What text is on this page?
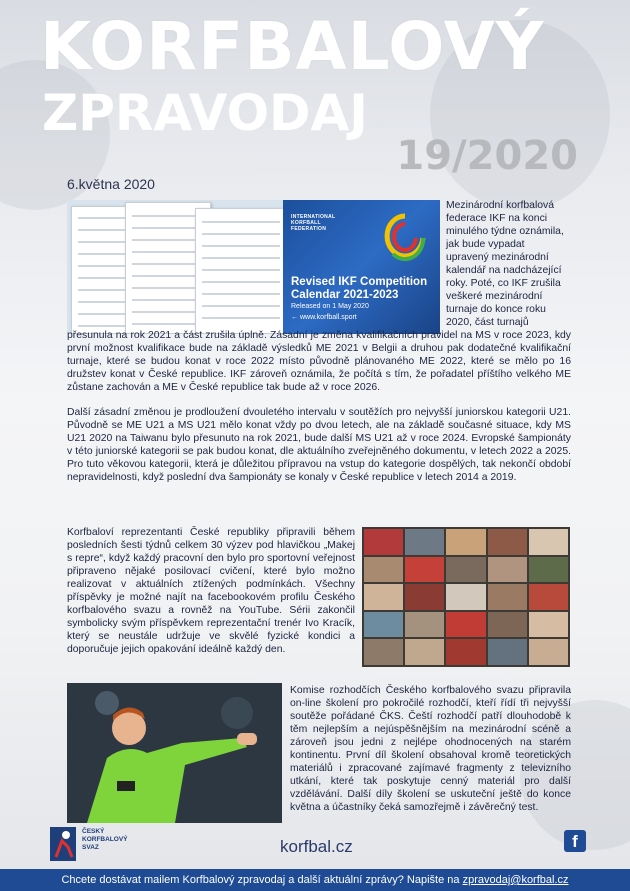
KORFBALOVÝ
ZPRAVODAJ
19/2020
6.května 2020
INTERNATIONAL KORFBALL FEDERATION
Revised IKF Competition
Calendar 2021-2023
Released on 1 May 2020
← www.korfball.sport
Mezinárodní korfbalová
federace IKF na konci
minulého týdne oznámila,
jak bude vypadat
upravený mezinárodní
kalendář na nadcházející
roky. Poté, co IKF zrušila
veškeré mezinárodní
turnaje do konce roku
2020, část turnajů
přesunula na rok 2021 a část zrušila úplně. Zásadní je změna kvalifikačních pravidel na MS v roce 2023, kdy první možnost kvalifikace bude na základě výsledků ME 2021 v Belgii a druhou pak dodatečné kvalifikační turnaje, které se budou konat v roce 2022 místo původně plánovaného ME 2022, které se mělo po 16 družstev konat v České republice. IKF zároveň oznámila, že počítá s tím, že pořadatel příštího velkého ME zůstane zachován a ME v České republice tak bude až v roce 2026.
Další zásadní změnou je prodloužení dvouletého intervalu v soutěžích pro nejvyšší juniorskou kategorii U21. Původně se ME U21 a MS U21 mělo konat vždy po dvou letech, ale na základě současné situace, kdy MS U21 2020 na Taiwanu bylo přesunuto na rok 2021, bude další MS U21 až v roce 2024. Evropské šampionáty v této juniorské kategorii se pak budou konat, dle aktuálního zveřejněného dokumentu, v letech 2022 a 2025. Pro tuto věkovou kategorii, která je důležitou přípravou na vstup do kategorie dospělých, tak nekončí období nepravidelnosti, když poslední dva šampionáty se konaly v České republice v letech 2014 a 2019.
Korfbaloví reprezentanti České republiky připravili během posledních šesti týdnů celkem 30 výzev pod hlavičkou „Makej s repre“, když každý pracovní den bylo pro sportovní veřejnost připraveno nějaké posilovací cvičení, které bylo možno realizovat v aktuálních ztížených podmínkách. Všechny příspěvky je možné najít na facebookovém profilu Českého korfbalového svazu a rovněž na YouTube. Sérii zakončil symbolicky svým příspěvkem reprezentační trenér Ivo Kracík, který se neustále udržuje ve skvělé fyzické kondici a doporučuje jejich opakování ideálně každý den.
Komise rozhodčích Českého korfbalového svazu připravila on-line školení pro pokročilé rozhodčí, kteří řídí tři nejvyšší soutěže pořádané ČKS. Čeští rozhodčí patří dlouhodobě k těm nejlepším a nejúspěšnějším na mezinárodní scéně a zároveň jsou jedni z nejlépe ohodnocených na starém kontinentu. První díl školení obsahoval kromě teoretických materiálů i zpracované zajímavé fragmenty z televizního utkání, které tak poskytuje cenný materiál pro další vzdělávání. Další díly školení se uskuteční ještě do konce května a účastníky čeká samozřejmě i závěrečný test.
ČESKÝ
KORFBALOVÝ
SVAZ	korfbal.cz	f
Chcete dostávat mailem Korfbalový zpravodaj a další aktuální zprávy? Napište na zpravodaj@korfbal.cz
